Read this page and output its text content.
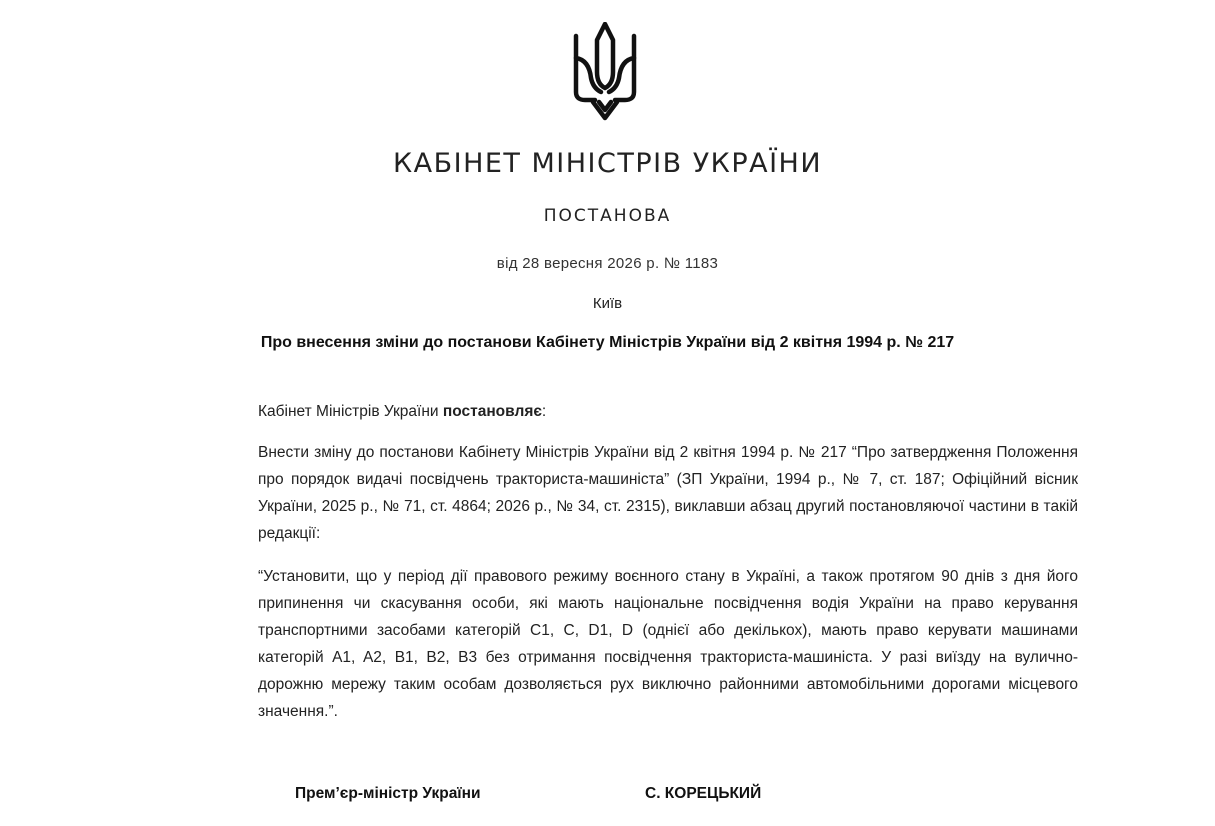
КАБІНЕТ МІНІСТРІВ УКРАЇНИ
ПОСТАНОВА
від 28 вересня 2026 р. № 1183
Київ
Про внесення зміни до постанови Кабінету Міністрів України від 2 квітня 1994 р. № 217
Кабінет Міністрів України постановляє:
Внести зміну до постанови Кабінету Міністрів України від 2 квітня 1994 р. № 217 “Про затвердження Положення про порядок видачі посвідчень тракториста-машиніста” (ЗП України, 1994 р., № 7, ст. 187; Офіційний вісник України, 2025 р., № 71, ст. 4864; 2026 р., № 34, ст. 2315), виклавши абзац другий постановляючої частини в такій редакції:
“Установити, що у період дії правового режиму воєнного стану в Україні, а також протягом 90 днів з дня його припинення чи скасування особи, які мають національне посвідчення водія України на право керування транспортними засобами категорій C1, C, D1, D (однієї або декількох), мають право керувати машинами категорій A1, A2, B1, B2, B3 без отримання посвідчення тракториста-машиніста. У разі виїзду на вулично-дорожню мережу таким особам дозволяється рух виключно районними автомобільними дорогами місцевого значення.”.
Прем’єр-міністр України	С. КОРЕЦЬКИЙ
